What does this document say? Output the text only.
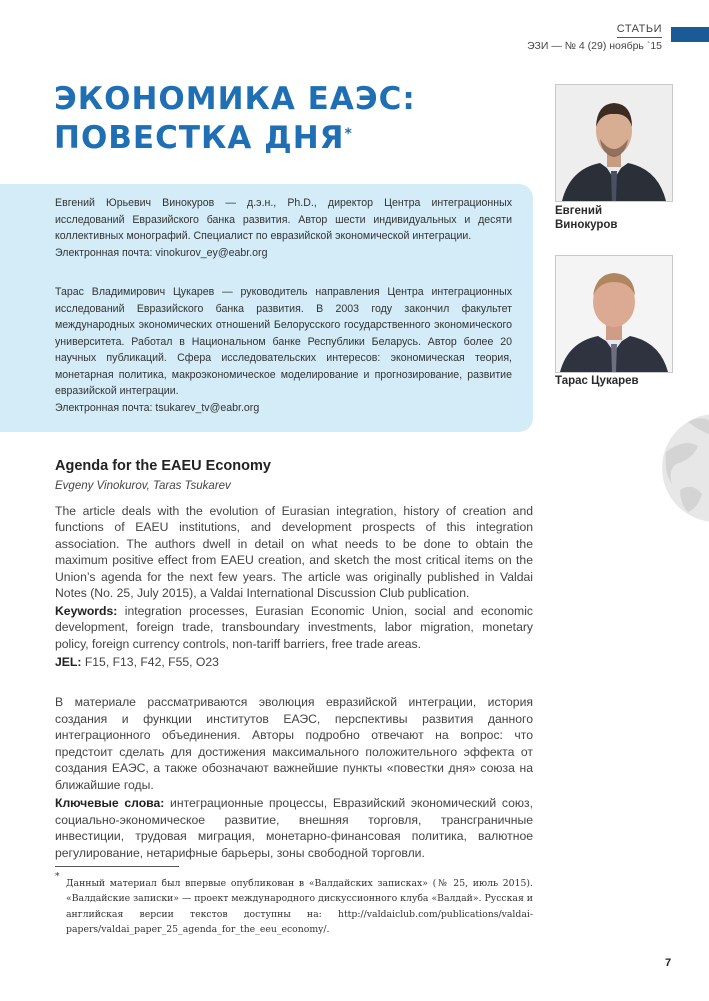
СТАТЬИ
ЭЗИ — № 4 (29) ноябрь `15
ЭКОНОМИКА ЕАЭС:
ПОВЕСТКА ДНЯ*

Евгений Юрьевич Винокуров — д.э.н., Ph.D., директор Центра интеграционных исследований Евразийского банка развития. Автор шести индивидуальных и десяти коллективных монографий. Специалист по евразийской экономической интеграции.
Электронная почта: vinokurov_ey@eabr.org

Тарас Владимирович Цукарев — руководитель направления Центра интеграционных исследований Евразийского банка развития. В 2003 году закончил факультет международных экономических отношений Белорусского государственного экономического университета. Работал в Национальном банке Республики Беларусь. Автор более 20 научных публикаций. Сфера исследовательских интересов: экономическая теория, монетарная политика, макроэкономическое моделирование и прогнозирование, развитие евразийской интеграции.
Электронная почта: tsukarev_tv@eabr.org

Евгений Винокуров
Тарас Цукарев
Agenda for the EAEU Economy
Evgeny Vinokurov, Taras Tsukarev

The article deals with the evolution of Eurasian integration, history of creation and functions of EAEU institutions, and development prospects of this integration association. The authors dwell in detail on what needs to be done to obtain the maximum positive effect from EAEU creation, and sketch the most critical items on the Union’s agenda for the next few years. The article was originally published in Valdai Notes (No. 25, July 2015), a Valdai International Discussion Club publication.

Keywords: integration processes, Eurasian Economic Union, social and economic development, foreign trade, transboundary investments, labor migration, monetary policy, foreign currency controls, non-tariff barriers, free trade areas.

JEL: F15, F13, F42, F55, O23

В материале рассматриваются эволюция евразийской интеграции, история создания и функции институтов ЕАЭС, перспективы развития данного интеграционного объединения. Авторы подробно отвечают на вопрос: что предстоит сделать для достижения максимального положительного эффекта от создания ЕАЭС, а также обозначают важнейшие пункты «повестки дня» союза на ближайшие годы.

Ключевые слова: интеграционные процессы, Евразийский экономический союз, социально-экономическое развитие, внешняя торговля, трансграничные инвестиции, трудовая миграция, монетарно-финансовая политика, валютное регулирование, нетарифные барьеры, зоны свободной торговли.

*

Данный материал был впервые опубликован в «Валдайских записках» (№ 25, июль 2015). «Валдайские записки» — проект международного дискуссионного клуба «Валдай». Русская и английская версии текстов доступны на: http://valdaiclub.com/publications/valdai-papers/valdai_paper_25_agenda_for_the_eeu_economy/.

7
